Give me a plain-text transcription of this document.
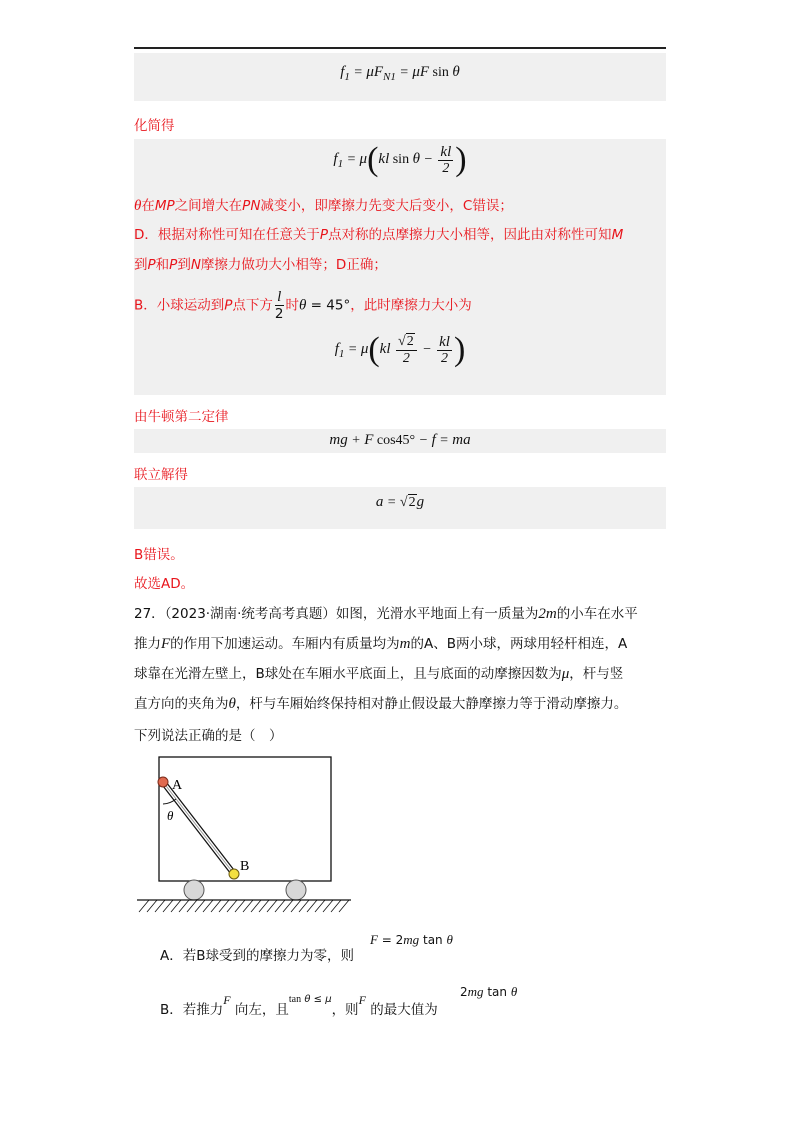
$f_1 = \mu F_{N1} = \mu F$ sin θ
化简得
$f_1 = \mu(kl$ $\sin \theta - \frac{kl}{2}$ )
θ在MP之间增大在PN减变小，即摩擦力先变大后变小，C错误；
D．根据对称性可知在任意关于P点对称的点摩擦力大小相等，因此由对称性可知M
到P和P到N摩擦力做功大小相等；D正确；
B．小球运动到P点下方 $\frac{l}{2}$ 时θ = 45°，此时摩擦力大小为
$f_1 = \mu(kl \frac{√2}{2} - \frac{kl}{2}$ )
由牛顿第二定律
mg + F cos45° − f = ma
联立解得
a = √2g
B错误。
故选AD。
27．（2023·湖南·统考高考真题）如图，光滑水平地面上有一质量为2m的小车在水平
推力F的作用下加速运动。车厢内有质量均为m的A、B两小球，两球用轻杆相连，A
球靠在光滑左壁上，B球处在车厢水平底面上，且与底面的动摩擦因数为μ，杆与竖
直方向的夹角为θ，杆与车厢始终保持相对静止假设最大静摩擦力等于滑动摩擦力。
下列说法正确的是（　）
A
θ
B
A．若B球受到的摩擦力为零，则
F = 2mg tan θ
B．若推力F 向左，且$^{tan \theta \le \mu}$，则F 的最大值为
2mg tan θ
